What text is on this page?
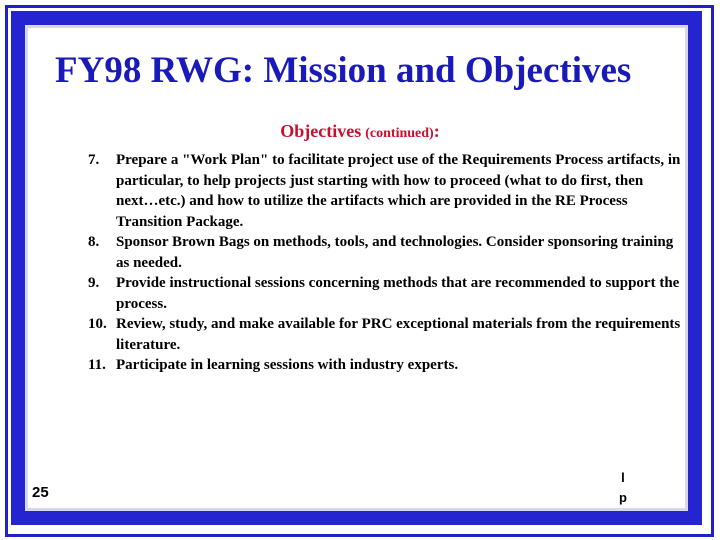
FY98 RWG: Mission and Objectives
Objectives (continued):
7. Prepare a "Work Plan" to facilitate project use of the Requirements Process artifacts, in particular, to help projects just starting with how to proceed (what to do first, then next…etc.) and how to utilize the artifacts which are provided in the RE Process Transition Package.
8. Sponsor Brown Bags on methods, tools, and technologies. Consider sponsoring training as needed.
9. Provide instructional sessions concerning methods that are recommended to support the process.
10. Review, study, and make available for PRC exceptional materials from the requirements literature.
11. Participate in learning sessions with industry experts.
25
l
p
